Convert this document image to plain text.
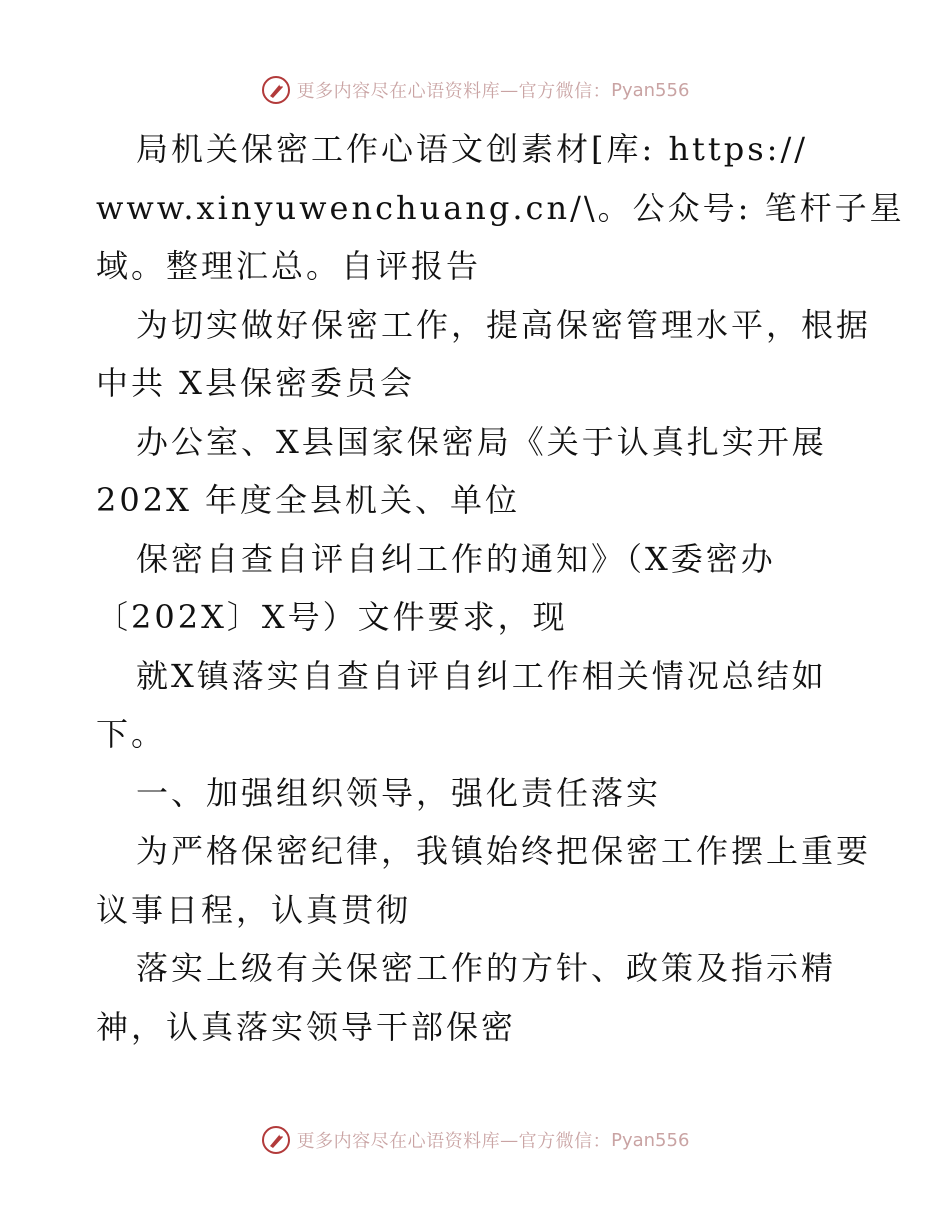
更多内容尽在心语资料库 — 官方微信： Pyan556
局机关保密工作心语文创素材[库: https://
www.xinyuwenchuang.cn/\。公众号: 笔杆子星
域。整理汇总。自评报告
为切实做好保密工作，提高保密管理水平，根据
中共 X县保密委员会
办公室、X县国家保密局《关于认真扎实开展
202X 年度全县机关、单位
保密自查自评自纠工作的通知》（X委密办
〔202X〕X号）文件要求，现
就X镇落实自查自评自纠工作相关情况总结如
下。
一、加强组织领导，强化责任落实
为严格保密纪律，我镇始终把保密工作摆上重要
议事日程，认真贯彻
落实上级有关保密工作的方针、政策及指示精
神，认真落实领导干部保密
更多内容尽在心语资料库 — 官方微信： Pyan556
